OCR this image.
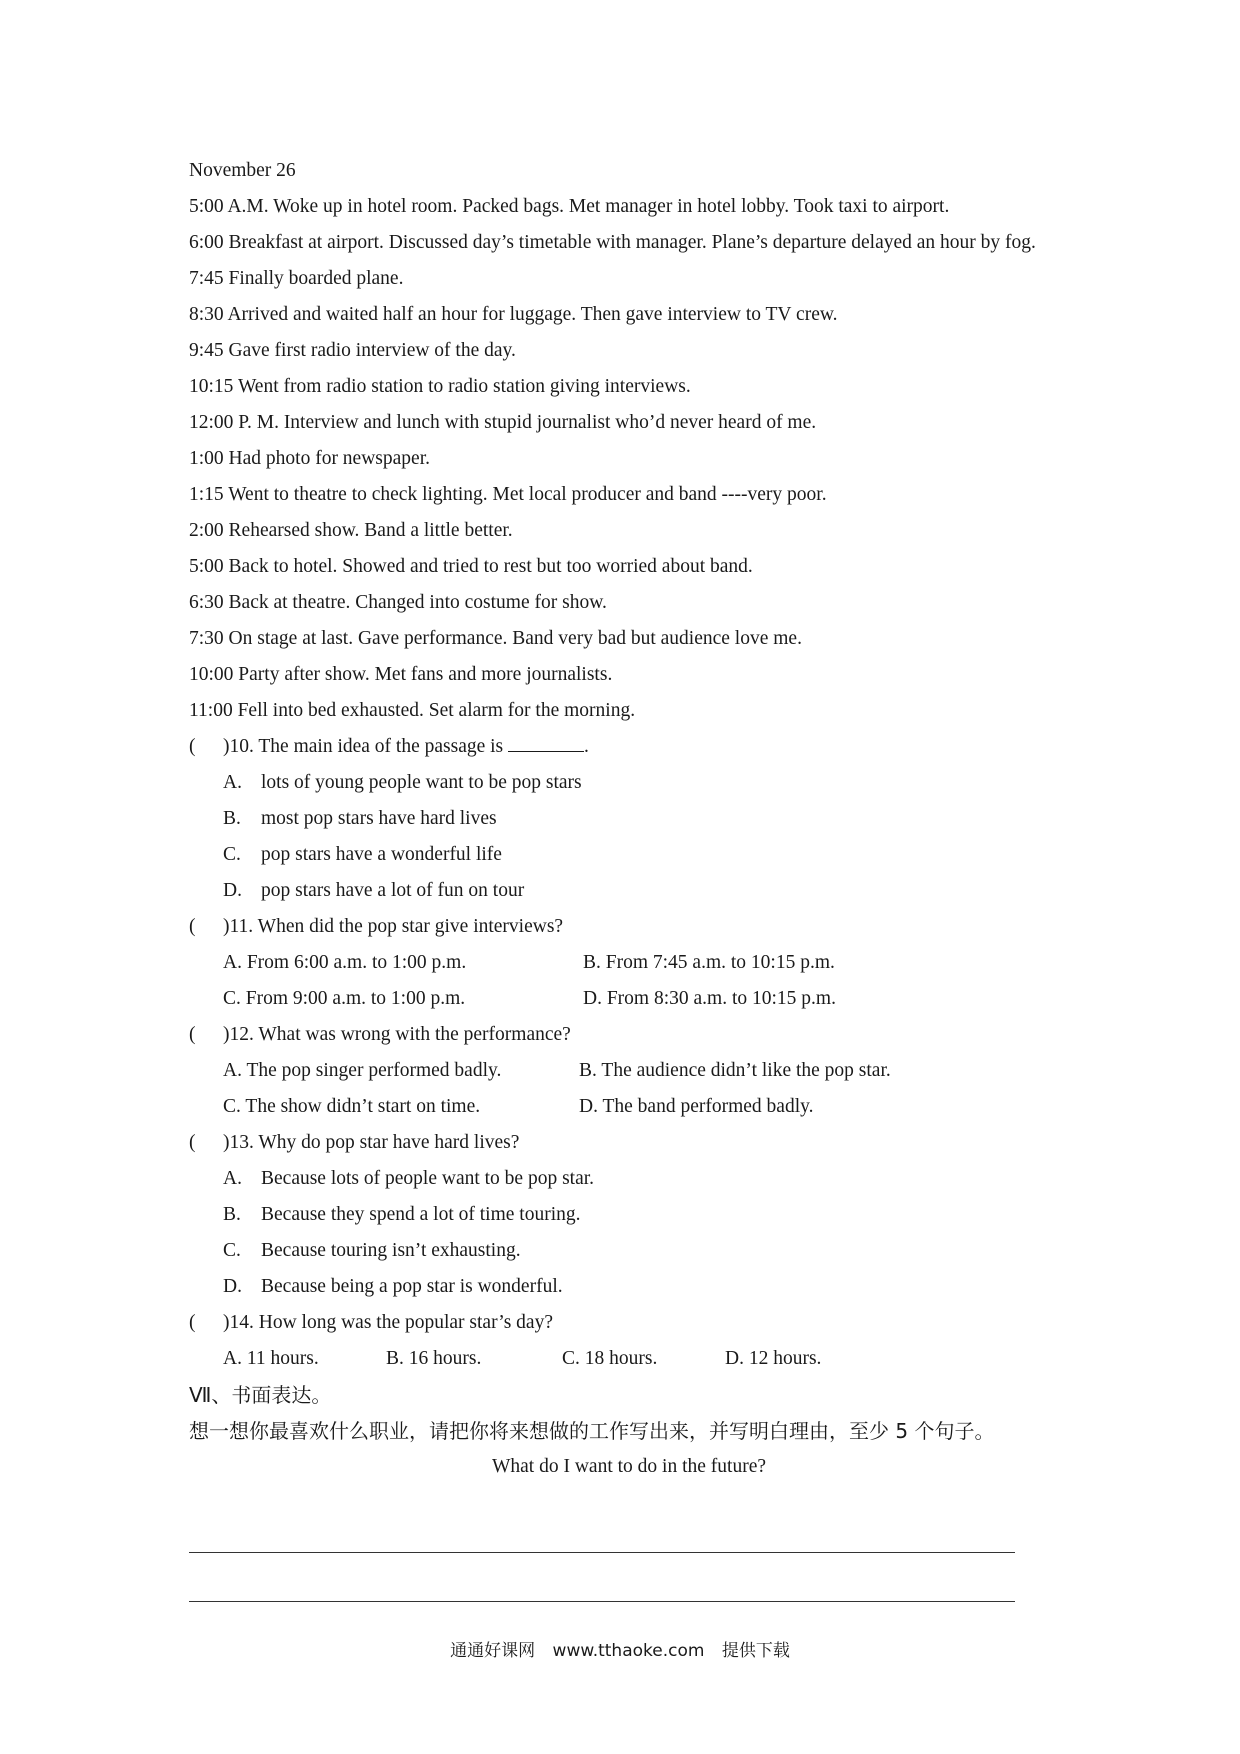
November 26
5:00 A.M. Woke up in hotel room. Packed bags. Met manager in hotel lobby. Took taxi to airport.
6:00 Breakfast at airport. Discussed day’s timetable with manager. Plane’s departure delayed an hour by fog.
7:45 Finally boarded plane.
8:30 Arrived and waited half an hour for luggage. Then gave interview to TV crew.
9:45 Gave first radio interview of the day.
10:15 Went from radio station to radio station giving interviews.
12:00 P. M. Interview and lunch with stupid journalist who’d never heard of me.
1:00 Had photo for newspaper.
1:15 Went to theatre to check lighting. Met local producer and band ----very poor.
2:00 Rehearsed show. Band a little better.
5:00 Back to hotel. Showed and tried to rest but too worried about band.
6:30 Back at theatre. Changed into costume for show.
7:30 On stage at last. Gave performance. Band very bad but audience love me.
10:00 Party after show. Met fans and more journalists.
11:00 Fell into bed exhausted. Set alarm for the morning.
( )10. The main idea of the passage is	.
A. lots of young people want to be pop stars
B. most pop stars have hard lives
C. pop stars have a wonderful life
D. pop stars have a lot of fun on tour
( )11. When did the pop star give interviews?
A. From 6:00 a.m. to 1:00 p.m.	B. From 7:45 a.m. to 10:15 p.m.
C. From 9:00 a.m. to 1:00 p.m.	D. From 8:30 a.m. to 10:15 p.m.
( )12. What was wrong with the performance?
A. The pop singer performed badly.	B. The audience didn’t like the pop star.
C. The show didn’t start on time.	D. The band performed badly.
( )13. Why do pop star have hard lives?
A. Because lots of people want to be pop star.
B. Because they spend a lot of time touring.
C. Because touring isn’t exhausting.
D. Because being a pop star is wonderful.
( )14. How long was the popular star’s day?
A. 11 hours.	B. 16 hours.	C. 18 hours.	D. 12 hours.
Ⅶ、书面表达。
想一想你最喜欢什么职业，请把你将来想做的工作写出来，并写明白理由，至少 5 个句子。
What do I want to do in the future?
通通好课网 www.tthaoke.com 提供下载
